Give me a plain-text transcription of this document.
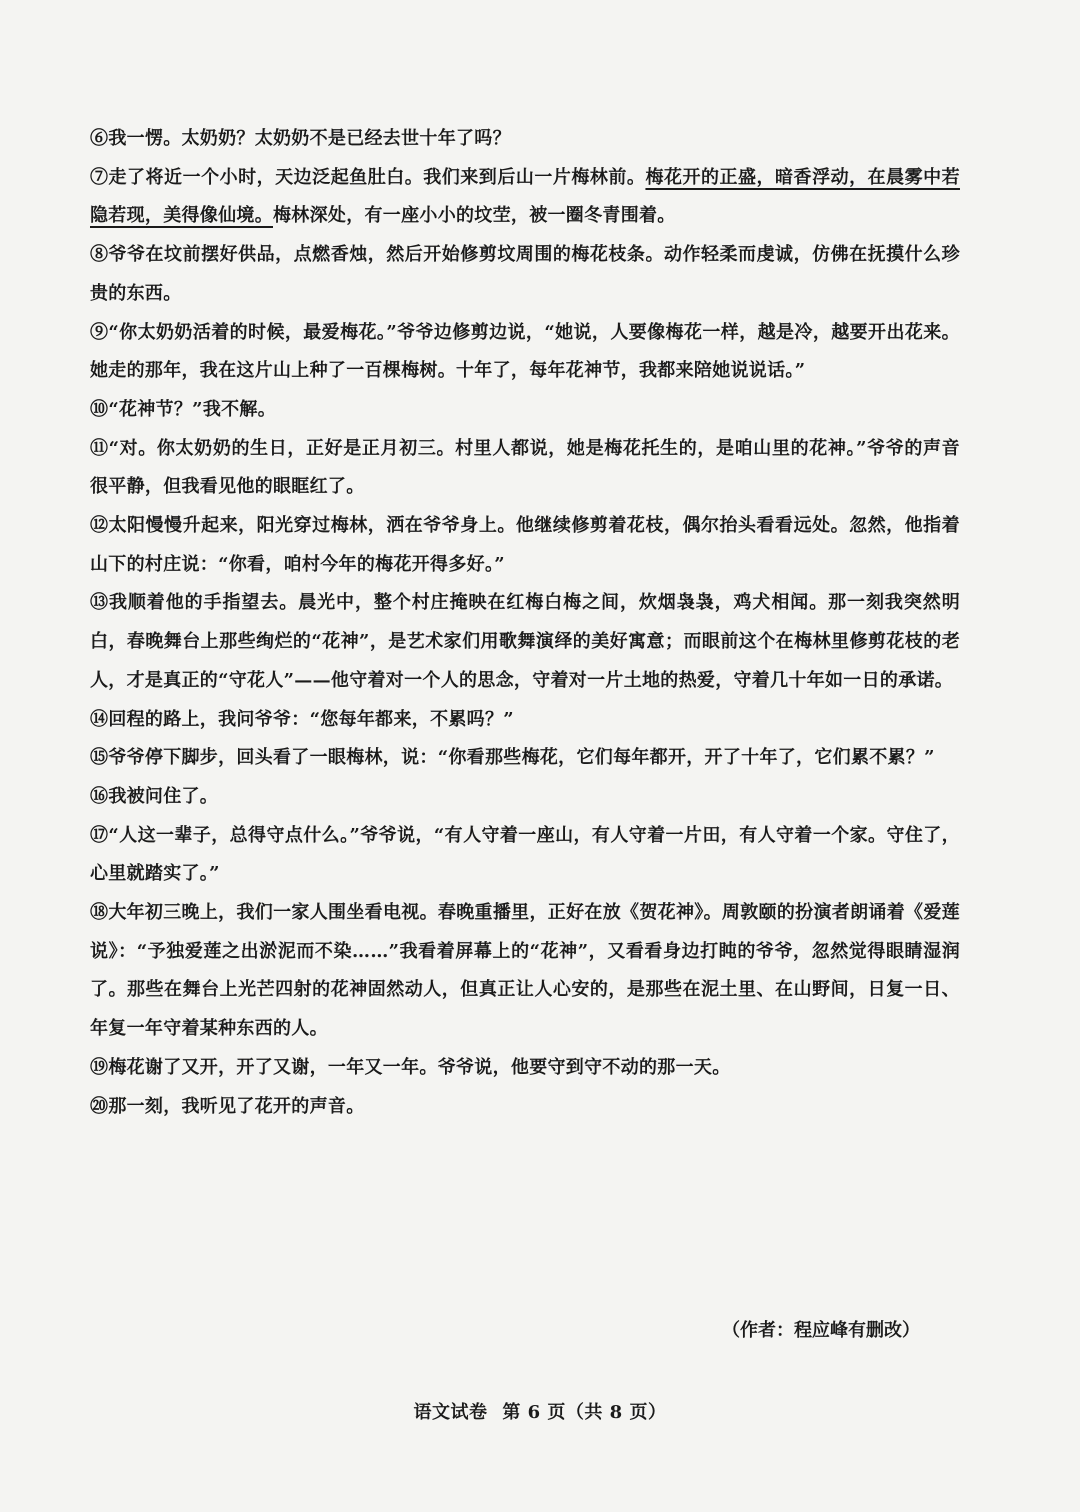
⑥我一愣。太奶奶？太奶奶不是已经去世十年了吗？

⑦走了将近一个小时，天边泛起鱼肚白。我们来到后山一片梅林前。梅花开的正盛，暗香浮动，在晨雾中若隐若现，美得像仙境。梅林深处，有一座小小的坟茔，被一圈冬青围着。

⑧爷爷在坟前摆好供品，点燃香烛，然后开始修剪坟周围的梅花枝条。动作轻柔而虔诚，仿佛在抚摸什么珍贵的东西。

⑨“你太奶奶活着的时候，最爱梅花。”爷爷边修剪边说，“她说，人要像梅花一样，越是冷，越要开出花来。她走的那年，我在这片山上种了一百棵梅树。十年了，每年花神节，我都来陪她说说话。”

⑩“花神节？”我不解。

⑪“对。你太奶奶的生日，正好是正月初三。村里人都说，她是梅花托生的，是咱山里的花神。”爷爷的声音很平静，但我看见他的眼眶红了。

⑫太阳慢慢升起来，阳光穿过梅林，洒在爷爷身上。他继续修剪着花枝，偶尔抬头看看远处。忽然，他指着山下的村庄说：“你看，咱村今年的梅花开得多好。”

⑬我顺着他的手指望去。晨光中，整个村庄掩映在红梅白梅之间，炊烟袅袅，鸡犬相闻。那一刻我突然明白，春晚舞台上那些绚烂的“花神”，是艺术家们用歌舞演绎的美好寓意；而眼前这个在梅林里修剪花枝的老人，才是真正的“守花人”——他守着对一个人的思念，守着对一片土地的热爱，守着几十年如一日的承诺。

⑭回程的路上，我问爷爷：“您每年都来，不累吗？”

⑮爷爷停下脚步，回头看了一眼梅林，说：“你看那些梅花，它们每年都开，开了十年了，它们累不累？”

⑯我被问住了。

⑰“人这一辈子，总得守点什么。”爷爷说，“有人守着一座山，有人守着一片田，有人守着一个家。守住了，心里就踏实了。”

⑱大年初三晚上，我们一家人围坐看电视。春晚重播里，正好在放《贺花神》。周敦颐的扮演者朗诵着《爱莲说》：“予独爱莲之出淤泥而不染……”我看着屏幕上的“花神”，又看看身边打盹的爷爷，忽然觉得眼睛湿润了。那些在舞台上光芒四射的花神固然动人，但真正让人心安的，是那些在泥土里、在山野间，日复一日、年复一年守着某种东西的人。

⑲梅花谢了又开，开了又谢，一年又一年。爷爷说，他要守到守不动的那一天。

⑳那一刻，我听见了花开的声音。

（作者：程应峰有删改）
语文试卷 第 6 页（共 8 页）
